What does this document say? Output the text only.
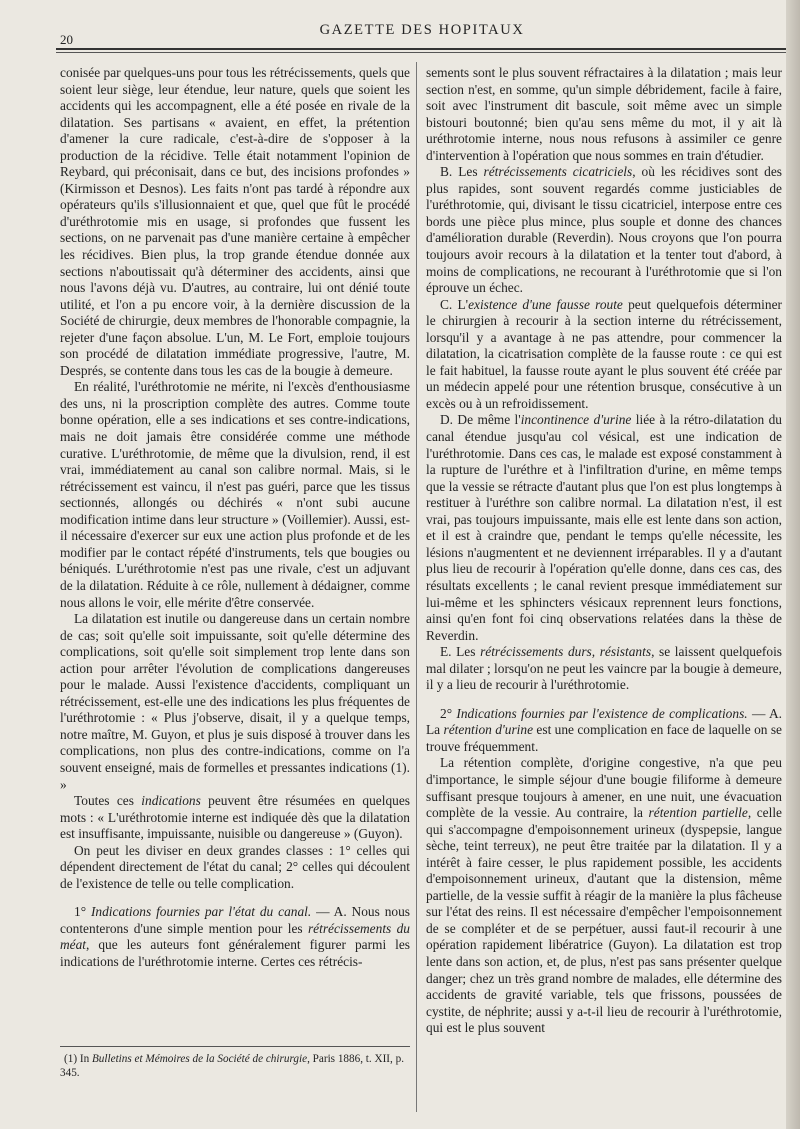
20
GAZETTE DES HOPITAUX

conisée par quelques-uns pour tous les rétrécissements, quels que soient leur siège, leur étendue, leur nature, quels que soient les accidents qui les accompagnent, elle a été posée en rivale de la dilatation. Ses partisans « avaient, en effet, la prétention d'amener la cure radicale, c'est-à-dire de s'opposer à la production de la récidive. Telle était notamment l'opinion de Reybard, qui préconisait, dans ce but, des incisions profondes » (Kirmisson et Desnos). Les faits n'ont pas tardé à répondre aux opérateurs qu'ils s'illusionnaient et que, quel que fût le procédé d'uréthrotomie mis en usage, si profondes que fussent les sections, on ne parvenait pas d'une manière certaine à empêcher les récidives. Bien plus, la trop grande étendue donnée aux sections n'aboutissait qu'à déterminer des accidents, ainsi que nous l'avons déjà vu. D'autres, au contraire, lui ont dénié toute utilité, et l'on a pu encore voir, à la dernière discussion de la Société de chirurgie, deux membres de l'honorable compagnie, la rejeter d'une façon absolue. L'un, M. Le Fort, emploie toujours son procédé de dilatation immédiate progressive, l'autre, M. Després, se contente dans tous les cas de la bougie à demeure.

En réalité, l'uréthrotomie ne mérite, ni l'excès d'enthousiasme des uns, ni la proscription complète des autres. Comme toute bonne opération, elle a ses indications et ses contre-indications, mais ne doit jamais être considérée comme une méthode curative. L'uréthrotomie, de même que la divulsion, rend, il est vrai, immédiatement au canal son calibre normal. Mais, si le rétrécissement est vaincu, il n'est pas guéri, parce que les tissus sectionnés, allongés ou déchirés « n'ont subi aucune modification intime dans leur structure » (Voillemier). Aussi, est-il nécessaire d'exercer sur eux une action plus profonde et de les modifier par le contact répété d'instruments, tels que bougies ou béniqués. L'uréthrotomie n'est pas une rivale, c'est un adjuvant de la dilatation. Réduite à ce rôle, nullement à dédaigner, comme nous allons le voir, elle mérite d'être conservée.

La dilatation est inutile ou dangereuse dans un certain nombre de cas; soit qu'elle soit impuissante, soit qu'elle détermine des complications, soit qu'elle soit simplement trop lente dans son action pour arrêter l'évolution de complications dangereuses pour le malade. Aussi l'existence d'accidents, compliquant un rétrécissement, est-elle une des indications les plus fréquentes de l'uréthrotomie : « Plus j'observe, disait, il y a quelque temps, notre maître, M. Guyon, et plus je suis disposé à trouver dans les complications, non plus des contre-indications, comme on l'a souvent enseigné, mais de formelles et pressantes indications (1). »

Toutes ces indications peuvent être résumées en quelques mots : « L'uréthrotomie interne est indiquée dès que la dilatation est insuffisante, impuissante, nuisible ou dangereuse » (Guyon).

On peut les diviser en deux grandes classes : 1° celles qui dépendent directement de l'état du canal; 2° celles qui découlent de l'existence de telle ou telle complication.

1° Indications fournies par l'état du canal. — A. Nous nous contenterons d'une simple mention pour les rétrécissements du méat, que les auteurs font généralement figurer parmi les indications de l'uréthrotomie interne. Certes ces rétrécis-

(1) In Bulletins et Mémoires de la Société de chirurgie, Paris 1886, t. XII, p. 345.

sements sont le plus souvent réfractaires à la dilatation ; mais leur section n'est, en somme, qu'un simple débridement, facile à faire, soit avec l'instrument dit bascule, soit même avec un simple bistouri boutonné; bien qu'au sens même du mot, il y ait là uréthrotomie interne, nous nous refusons à assimiler ce genre d'intervention à l'opération que nous sommes en train d'étudier.

B. Les rétrécissements cicatriciels, où les récidives sont des plus rapides, sont souvent regardés comme justiciables de l'uréthrotomie, qui, divisant le tissu cicatriciel, interpose entre ces bords une pièce plus mince, plus souple et donne des chances d'amélioration durable (Reverdin). Nous croyons que l'on pourra toujours avoir recours à la dilatation et la tenter tout d'abord, à moins de complications, ne recourant à l'uréthrotomie que si l'on éprouve un échec.

C. L'existence d'une fausse route peut quelquefois déterminer le chirurgien à recourir à la section interne du rétrécissement, lorsqu'il y a avantage à ne pas attendre, pour commencer la dilatation, la cicatrisation complète de la fausse route : ce qui est le fait habituel, la fausse route ayant le plus souvent été créée par un médecin appelé pour une rétention brusque, consécutive à un excès ou à un refroidissement.

D. De même l'incontinence d'urine liée à la rétro-dilatation du canal étendue jusqu'au col vésical, est une indication de l'uréthrotomie. Dans ces cas, le malade est exposé constamment à la rupture de l'uréthre et à l'infiltration d'urine, en même temps que la vessie se rétracte d'autant plus que l'on est plus longtemps à restituer à l'uréthre son calibre normal. La dilatation n'est, il est vrai, pas toujours impuissante, mais elle est lente dans son action, et il est à craindre que, pendant le temps qu'elle nécessite, les lésions n'augmentent et ne deviennent irréparables. Il y a d'autant plus lieu de recourir à l'opération qu'elle donne, dans ces cas, des résultats excellents ; le canal revient presque immédiatement sur lui-même et les sphincters vésicaux reprennent leurs fonctions, ainsi qu'en font foi cinq observations relatées dans la thèse de Reverdin.

E. Les rétrécissements durs, résistants, se laissent quelquefois mal dilater ; lorsqu'on ne peut les vaincre par la bougie à demeure, il y a lieu de recourir à l'uréthrotomie.

2° Indications fournies par l'existence de complications. — A. La rétention d'urine est une complication en face de laquelle on se trouve fréquemment.

La rétention complète, d'origine congestive, n'a que peu d'importance, le simple séjour d'une bougie filiforme à demeure suffisant presque toujours à amener, en une nuit, une évacuation complète de la vessie. Au contraire, la rétention partielle, celle qui s'accompagne d'empoisonnement urineux (dyspepsie, langue sèche, teint terreux), ne peut être traitée par la dilatation. Il y a intérêt à faire cesser, le plus rapidement possible, les accidents d'empoisonnement urineux, d'autant que la distension, même partielle, de la vessie suffit à réagir de la manière la plus fâcheuse sur l'état des reins. Il est nécessaire d'empêcher l'empoisonnement de se compléter et de se perpétuer, aussi faut-il recourir à une opération rapidement libératrice (Guyon). La dilatation est trop lente dans son action, et, de plus, n'est pas sans présenter quelque danger; chez un très grand nombre de malades, elle détermine des accidents de gravité variable, tels que frissons, poussées de cystite, de néphrite; aussi y a-t-il lieu de recourir à l'uréthrotomie, qui est le plus souvent
